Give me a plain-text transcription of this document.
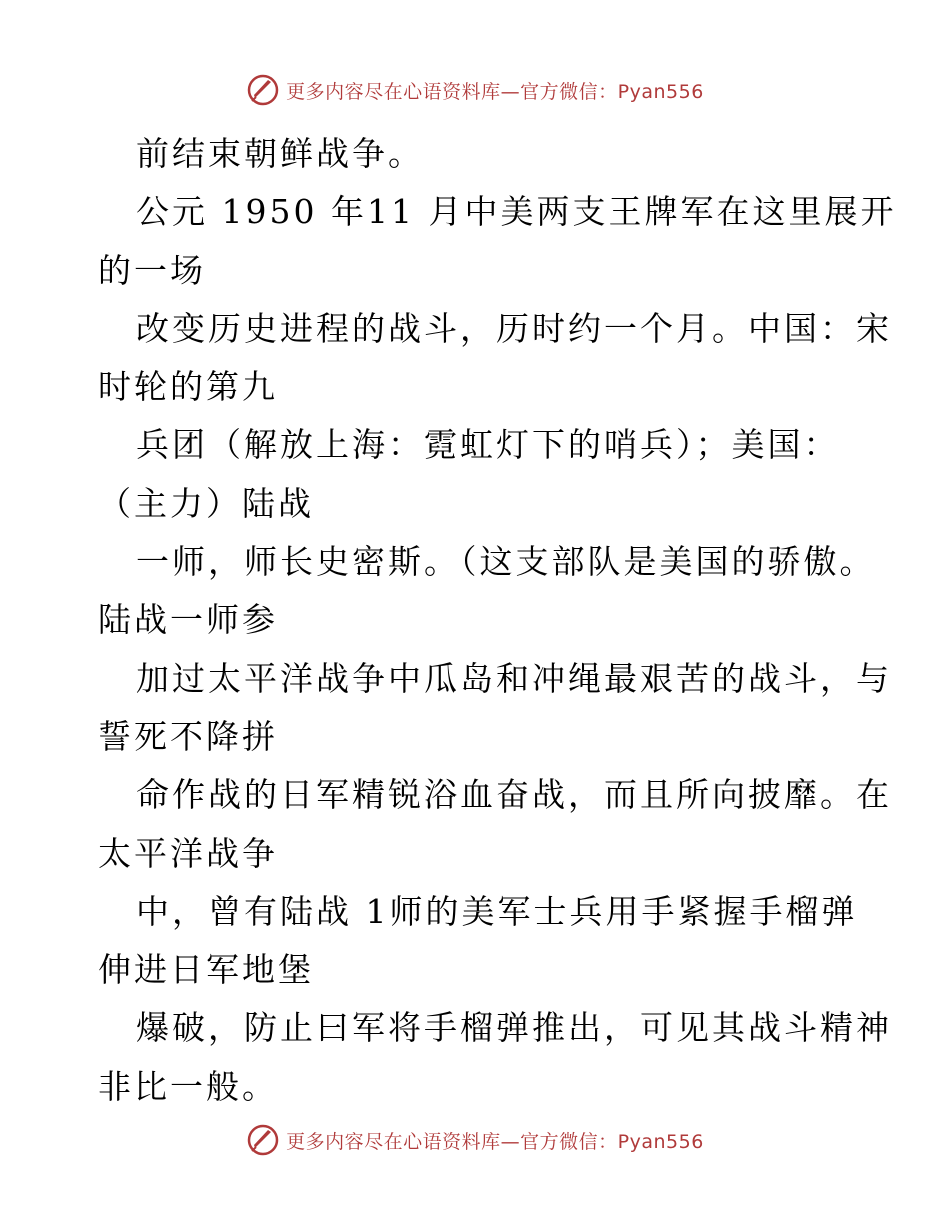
更多内容尽在心语资料库—官方微信：Pyan556
前结束朝鲜战争。
公元 1950 年11 月中美两支王牌军在这里展开
的一场
改变历史进程的战斗，历时约一个月。中国：宋
时轮的第九
兵团（解放上海：霓虹灯下的哨兵）；美国：
（主力）陆战
一师，师长史密斯。（这支部队是美国的骄傲。
陆战一师参
加过太平洋战争中瓜岛和冲绳最艰苦的战斗，与
誓死不降拼
命作战的日军精锐浴血奋战，而且所向披靡。在
太平洋战争
中，曾有陆战 1师的美军士兵用手紧握手榴弹
伸进日军地堡
爆破，防止曰军将手榴弹推出，可见其战斗精神
非比一般。
更多内容尽在心语资料库—官方微信：Pyan556
